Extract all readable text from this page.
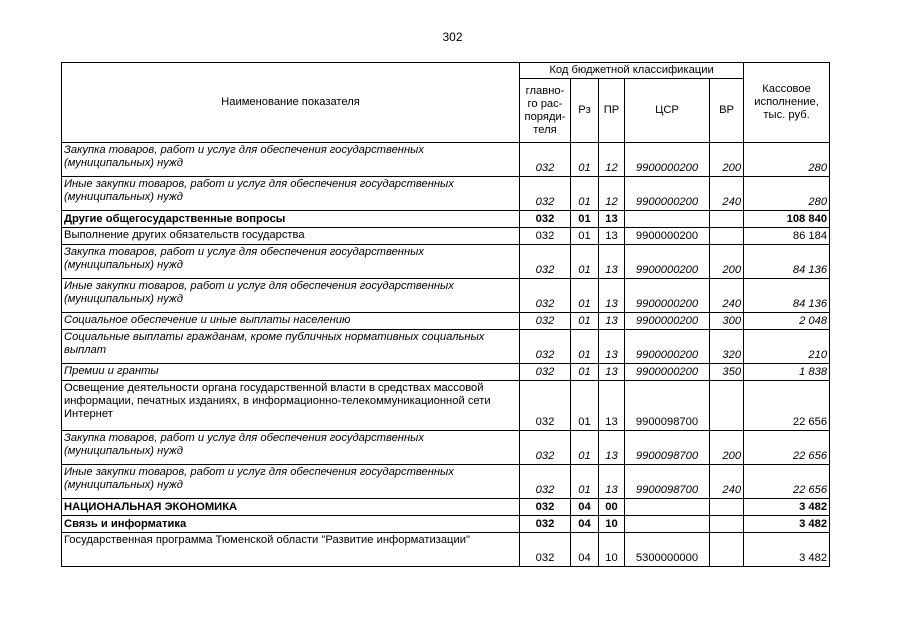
302
Наименование показателя	Код бюджетной классификации					Кассовое исполнение, тыс. руб.
	главно-го рас-поряди-теля	Рз	ПР	ЦСР	ВР	
Закупка товаров, работ и услуг для обеспечения государственных (муниципальных) нужд	032	01	12	9900000200	200	280
Иные закупки товаров, работ и услуг для обеспечения государственных (муниципальных) нужд	032	01	12	9900000200	240	280
Другие общегосударственные вопросы	032	01	13			108 840
Выполнение других обязательств государства	032	01	13	9900000200		86 184
Закупка товаров, работ и услуг для обеспечения государственных (муниципальных) нужд	032	01	13	9900000200	200	84 136
Иные закупки товаров, работ и услуг для обеспечения государственных (муниципальных) нужд	032	01	13	9900000200	240	84 136
Социальное обеспечение и иные выплаты населению	032	01	13	9900000200	300	2 048
Социальные выплаты гражданам, кроме публичных нормативных социальных выплат	032	01	13	9900000200	320	210
Премии и гранты	032	01	13	9900000200	350	1 838
Освещение деятельности органа государственной власти в средствах массовой информации, печатных изданиях, в информационно-телекоммуникационной сети Интернет	032	01	13	9900098700		22 656
Закупка товаров, работ и услуг для обеспечения государственных (муниципальных) нужд	032	01	13	9900098700	200	22 656
Иные закупки товаров, работ и услуг для обеспечения государственных (муниципальных) нужд	032	01	13	9900098700	240	22 656
НАЦИОНАЛЬНАЯ ЭКОНОМИКА	032	04	00			3 482
Связь и информатика	032	04	10			3 482
Государственная программа Тюменской области "Развитие информатизации"	032	04	10	5300000000		3 482
